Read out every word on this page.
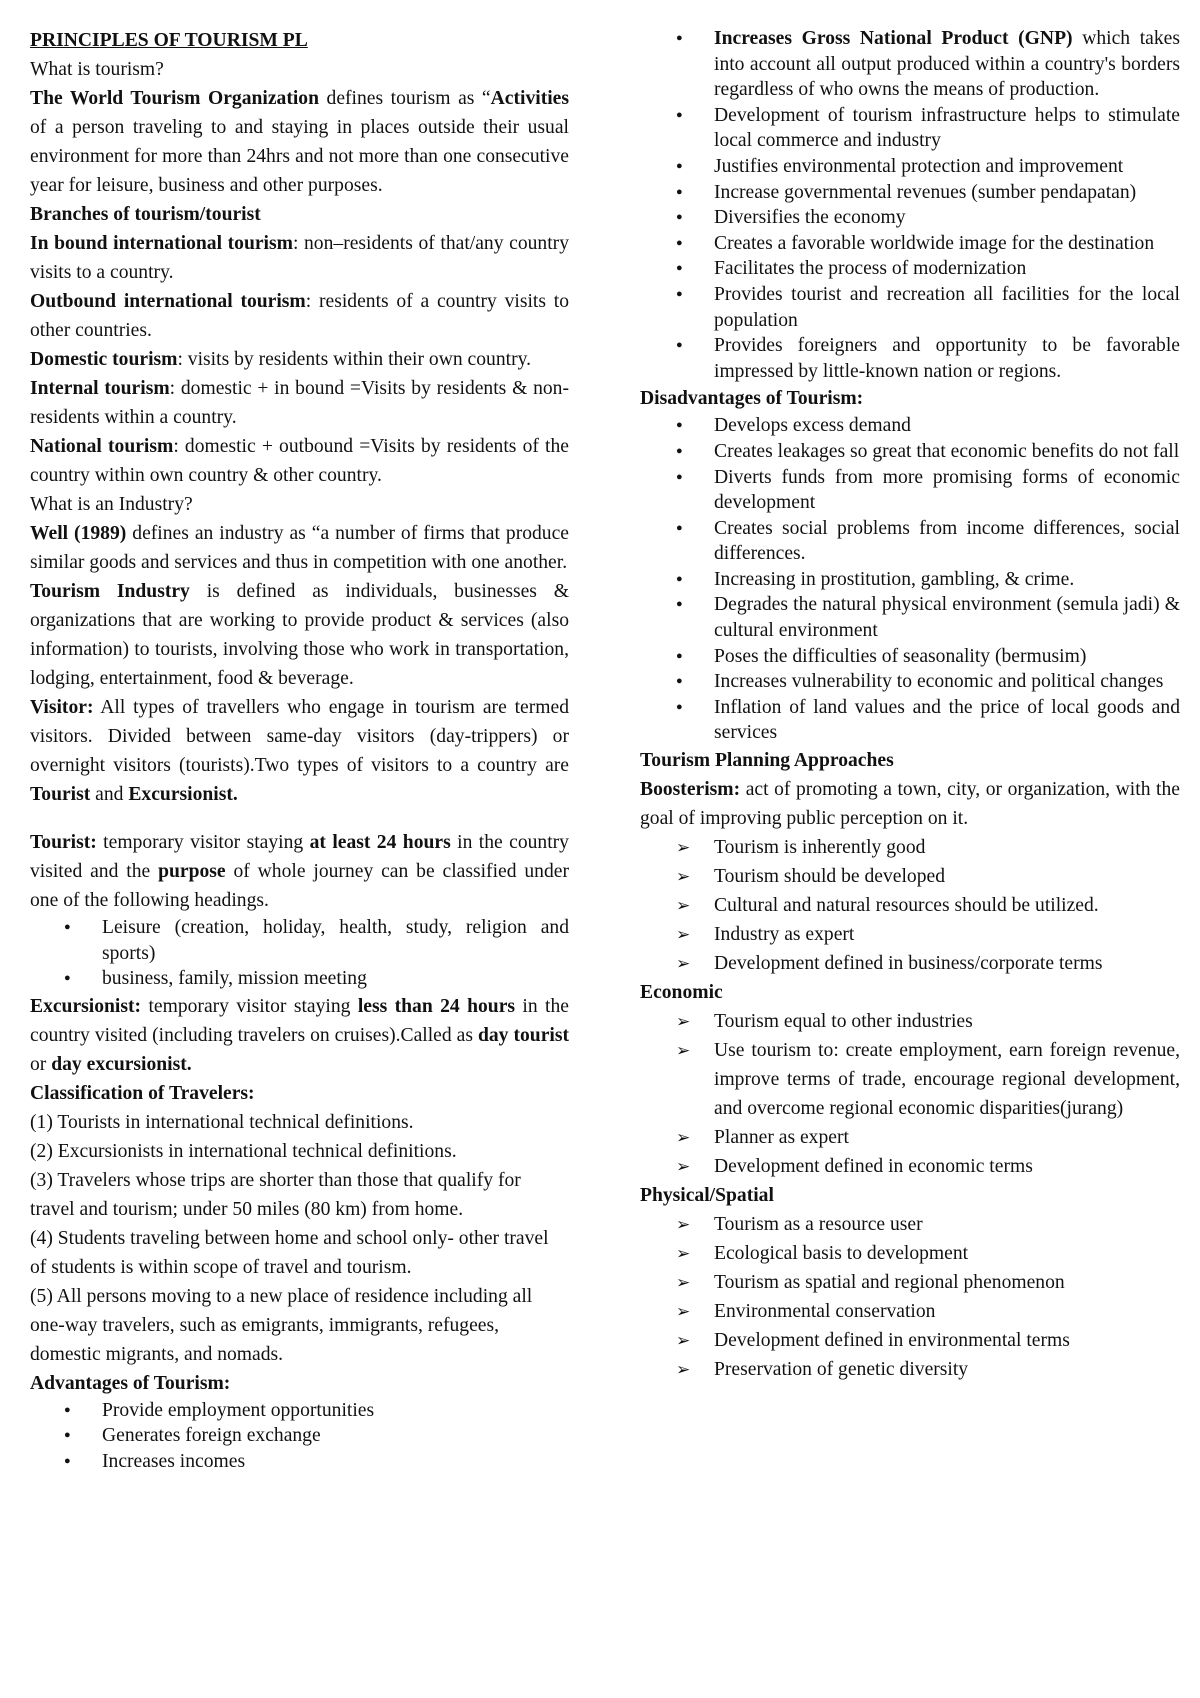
PRINCIPLES OF TOURISM PL

What is tourism?

The World Tourism Organization defines tourism as “Activities of a person traveling to and staying in places outside their usual environment for more than 24hrs and not more than one consecutive year for leisure, business and other purposes.

Branches of tourism/tourist

In bound international tourism: non–residents of that/any country visits to a country.

Outbound international tourism: residents of a country visits to other countries.

Domestic tourism: visits by residents within their own country.

Internal tourism: domestic + in bound =Visits by residents & non-residents within a country.

National tourism: domestic + outbound =Visits by residents of the country within own country & other country.

What is an Industry?

Well (1989) defines an industry as “a number of firms that produce similar goods and services and thus in competition with one another.

Tourism Industry is defined as individuals, businesses & organizations that are working to provide product & services (also information) to tourists, involving those who work in transportation, lodging, entertainment, food & beverage.

Visitor: All types of travellers who engage in tourism are termed visitors. Divided between same-day visitors (day-trippers) or overnight visitors (tourists).Two types of visitors to a country are Tourist and Excursionist.

Tourist: temporary visitor staying at least 24 hours in the country visited and the purpose of whole journey can be classified under one of the following headings.

● Leisure (creation, holiday, health, study, religion and sports)
● business, family, mission meeting

Excursionist: temporary visitor staying less than 24 hours in the country visited (including travelers on cruises).Called as day tourist or day excursionist.

Classification of Travelers:

(1) Tourists in international technical definitions.

(2) Excursionists in international technical definitions.

(3) Travelers whose trips are shorter than those that qualify for travel and tourism; under 50 miles (80 km) from home.

(4) Students traveling between home and school only- other travel of students is within scope of travel and tourism.

(5) All persons moving to a new place of residence including all one-way travelers, such as emigrants, immigrants, refugees, domestic migrants, and nomads.

Advantages of Tourism:

● Provide employment opportunities
● Generates foreign exchange
● Increases incomes
● Increases Gross National Product (GNP) which takes into account all output produced within a country's borders regardless of who owns the means of production.
● Development of tourism infrastructure helps to stimulate local commerce and industry
● Justifies environmental protection and improvement
● Increase governmental revenues (sumber pendapatan)
● Diversifies the economy
● Creates a favorable worldwide image for the destination
● Facilitates the process of modernization
● Provides tourist and recreation all facilities for the local population
● Provides foreigners and opportunity to be favorable impressed by little-known nation or regions.

Disadvantages of Tourism:

● Develops excess demand
● Creates leakages so great that economic benefits do not fall
● Diverts funds from more promising forms of economic development
● Creates social problems from income differences, social differences.
● Increasing in prostitution, gambling, & crime.
● Degrades the natural physical environment (semula jadi) & cultural environment
● Poses the difficulties of seasonality (bermusim)
● Increases vulnerability to economic and political changes
● Inflation of land values and the price of local goods and services

Tourism Planning Approaches

Boosterism: act of promoting a town, city, or organization, with the goal of improving public perception on it.

➢ Tourism is inherently good
➢ Tourism should be developed
➢ Cultural and natural resources should be utilized.
➢ Industry as expert
➢ Development defined in business/corporate terms

Economic

➢ Tourism equal to other industries
➢ Use tourism to: create employment, earn foreign revenue, improve terms of trade, encourage regional development, and overcome regional economic disparities(jurang)
➢ Planner as expert
➢ Development defined in economic terms

Physical/Spatial

➢ Tourism as a resource user
➢ Ecological basis to development
➢ Tourism as spatial and regional phenomenon
➢ Environmental conservation
➢ Development defined in environmental terms
➢ Preservation of genetic diversity
